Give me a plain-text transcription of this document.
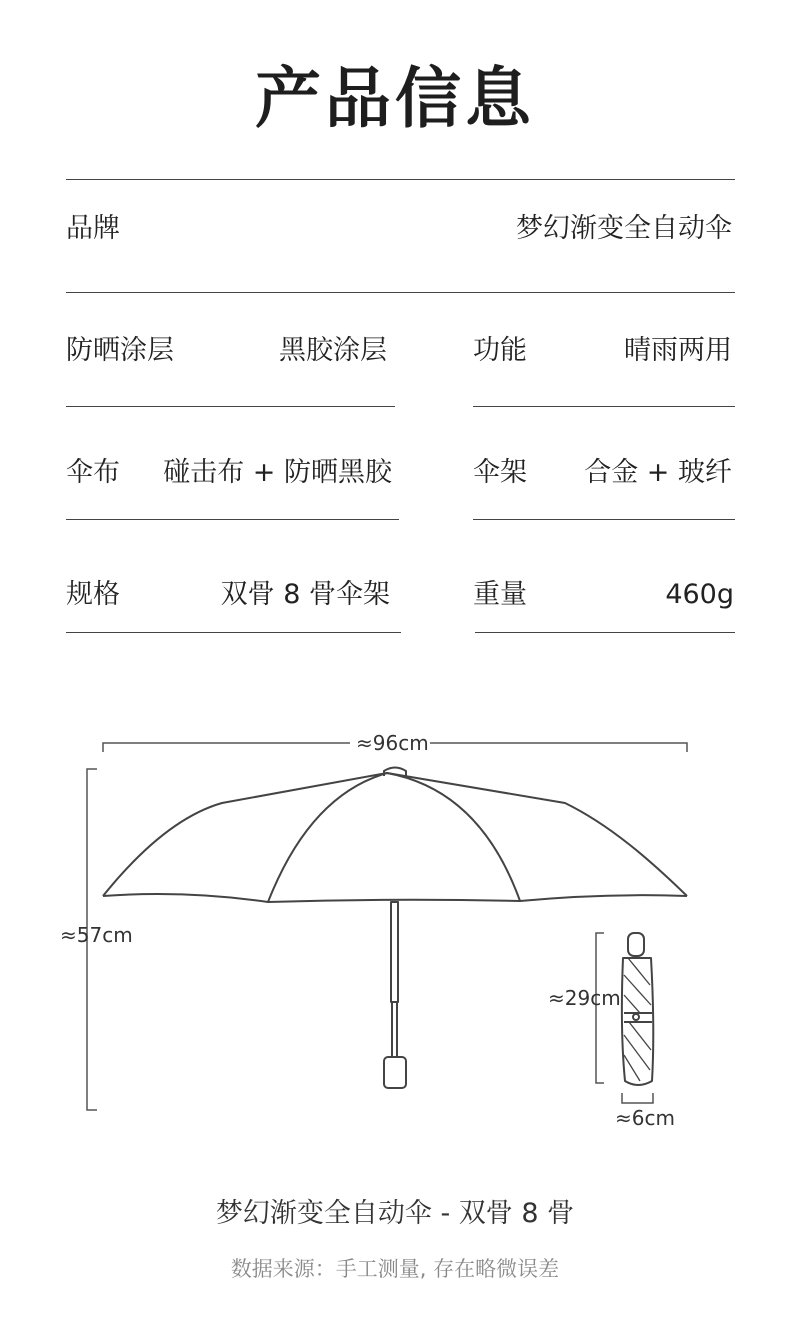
产品信息
品牌	梦幻渐变全自动伞
防晒涂层	黑胶涂层	功能	晴雨两用
伞布 碰击布 + 防晒黑胶	伞架 合金 + 玻纤
规格	双骨 8 骨伞架	重量	460g
≈96cm
≈57cm
≈29cm
≈6cm
梦幻渐变全自动伞 - 双骨 8 骨
数据来源：手工测量, 存在略微误差
